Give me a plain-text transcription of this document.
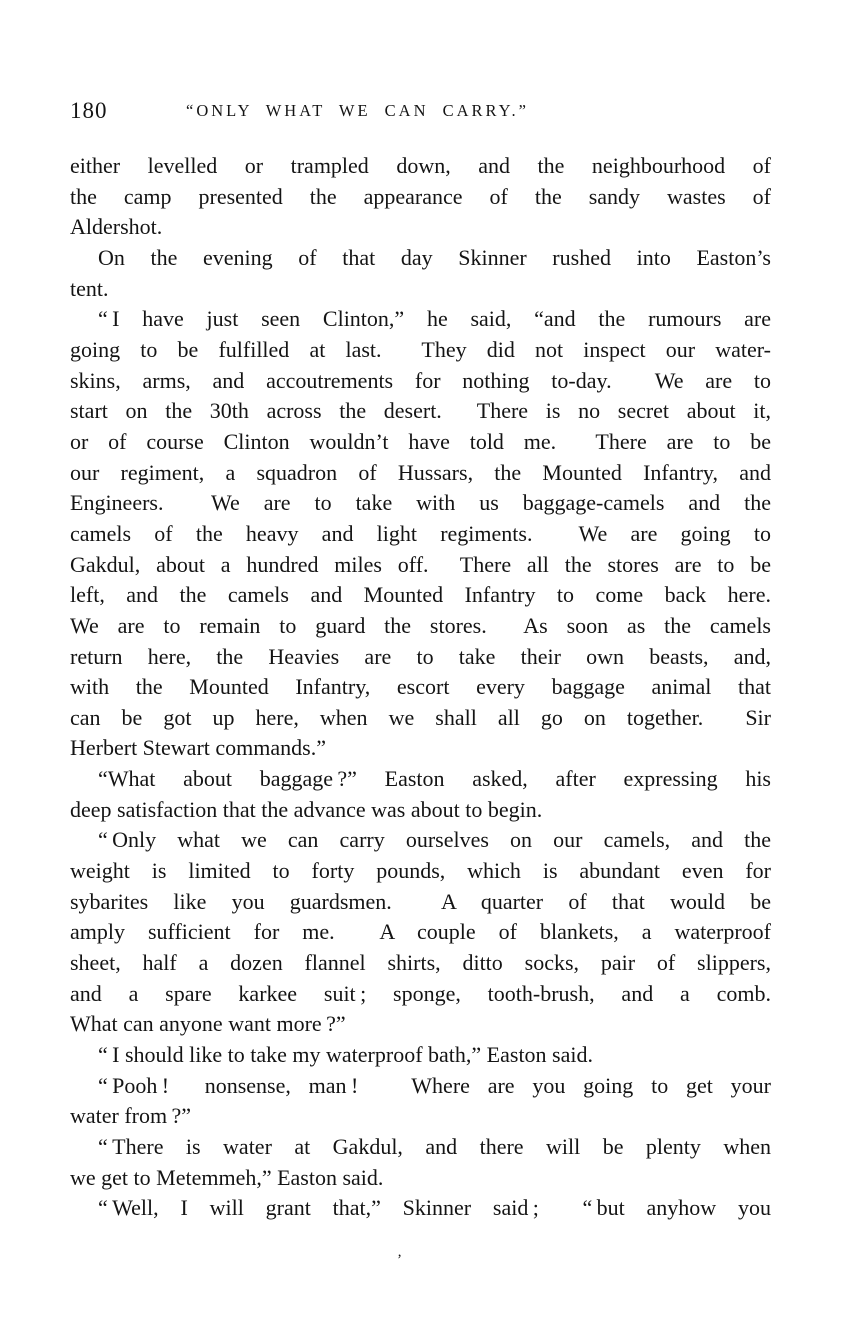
180	“ONLY WHAT WE CAN CARRY.”
either levelled or trampled down, and the neighbourhood of
the camp presented the appearance of the sandy wastes of
Aldershot.
On the evening of that day Skinner rushed into Easton’s
tent.
“ I have just seen Clinton,” he said, “and the rumours are
going to be fulfilled at last.  They did not inspect our water-
skins, arms, and accoutrements for nothing to-day.  We are to
start on the 30th across the desert.  There is no secret about it,
or of course Clinton wouldn’t have told me.  There are to be
our regiment, a squadron of Hussars, the Mounted Infantry, and
Engineers.  We are to take with us baggage-camels and the
camels of the heavy and light regiments.  We are going to
Gakdul, about a hundred miles off.  There all the stores are to be
left, and the camels and Mounted Infantry to come back here.
We are to remain to guard the stores.  As soon as the camels
return here, the Heavies are to take their own beasts, and,
with the Mounted Infantry, escort every baggage animal that
can be got up here, when we shall all go on together.  Sir
Herbert Stewart commands.”
“What about baggage ?” Easton asked, after expressing his
deep satisfaction that the advance was about to begin.
“ Only what we can carry ourselves on our camels, and the
weight is limited to forty pounds, which is abundant even for
sybarites like you guardsmen.  A quarter of that would be
amply sufficient for me.  A couple of blankets, a waterproof
sheet, half a dozen flannel shirts, ditto socks, pair of slippers,
and a spare karkee suit ; sponge, tooth-brush, and a comb.
What can anyone want more ?”
“ I should like to take my waterproof bath,” Easton said.
“ Pooh !  nonsense, man !   Where are you going to get your
water from ?”
“ There is water at Gakdul, and there will be plenty when
we get to Metemmeh,” Easton said.
“ Well, I will grant that,” Skinner said ;  “ but anyhow you
’
